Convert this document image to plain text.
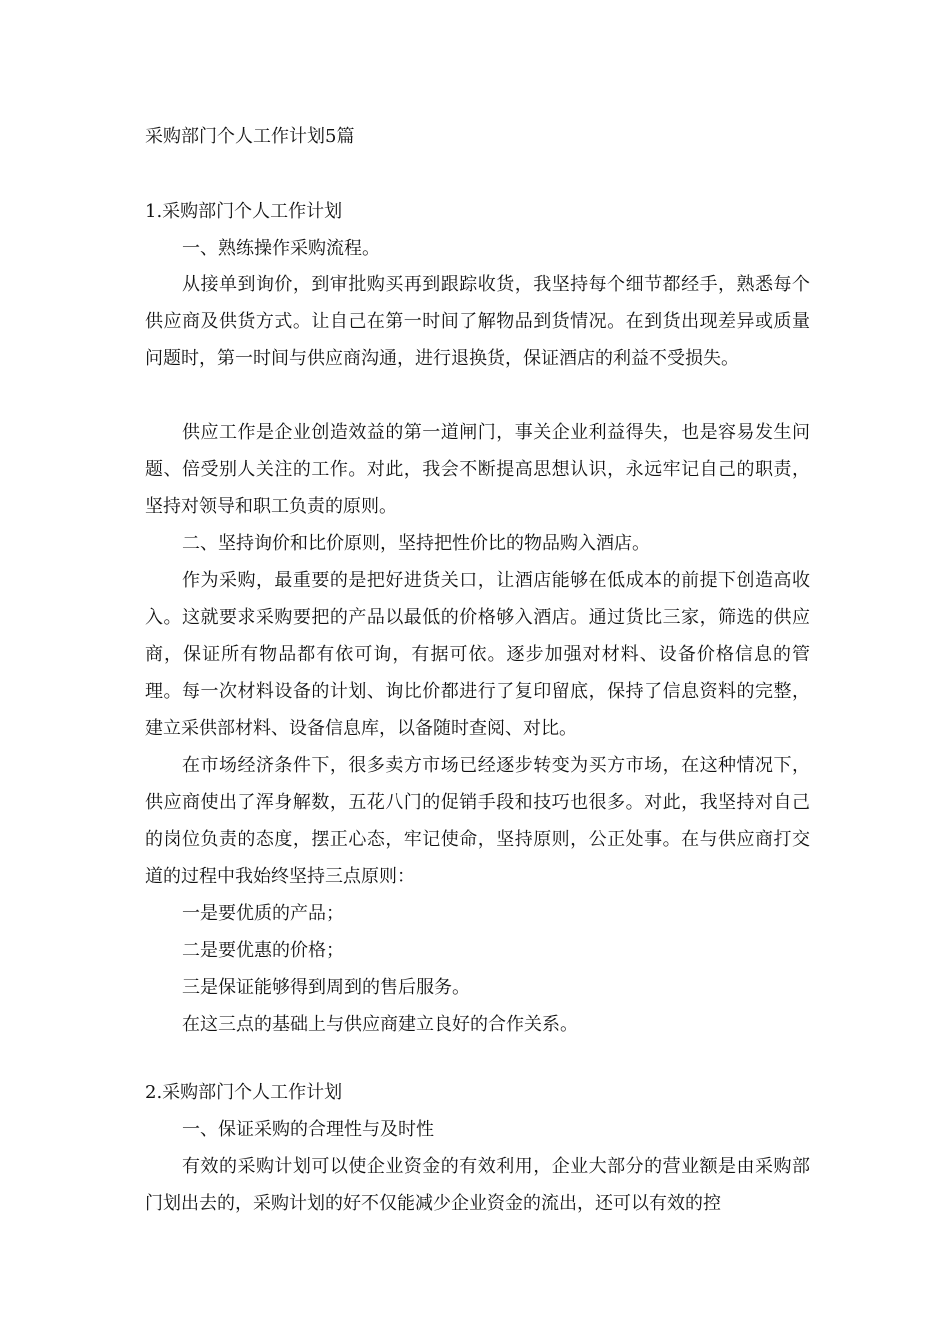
采购部门个人工作计划5篇
1.采购部门个人工作计划

一、熟练操作采购流程。

从接单到询价，到审批购买再到跟踪收货，我坚持每个细节都经手，熟悉每个供应商及供货方式。让自己在第一时间了解物品到货情况。在到货出现差异或质量问题时，第一时间与供应商沟通，进行退换货，保证酒店的利益不受损失。

供应工作是企业创造效益的第一道闸门，事关企业利益得失，也是容易发生问题、倍受别人关注的工作。对此，我会不断提高思想认识，永远牢记自己的职责，坚持对领导和职工负责的原则。

二、坚持询价和比价原则，坚持把性价比的物品购入酒店。

作为采购，最重要的是把好进货关口，让酒店能够在低成本的前提下创造高收入。这就要求采购要把的产品以最低的价格够入酒店。通过货比三家，筛选的供应商，保证所有物品都有依可询，有据可依。逐步加强对材料、设备价格信息的管理。每一次材料设备的计划、询比价都进行了复印留底，保持了信息资料的完整，建立采供部材料、设备信息库，以备随时查阅、对比。

在市场经济条件下，很多卖方市场已经逐步转变为买方市场，在这种情况下，供应商使出了浑身解数，五花八门的促销手段和技巧也很多。对此，我坚持对自己的岗位负责的态度，摆正心态，牢记使命，坚持原则，公正处事。在与供应商打交道的过程中我始终坚持三点原则：

一是要优质的产品；

二是要优惠的价格；

三是保证能够得到周到的售后服务。

在这三点的基础上与供应商建立良好的合作关系。

2.采购部门个人工作计划

一、保证采购的合理性与及时性

有效的采购计划可以使企业资金的有效利用，企业大部分的营业额是由采购部门划出去的，采购计划的好不仅能减少企业资金的流出，还可以有效的控
